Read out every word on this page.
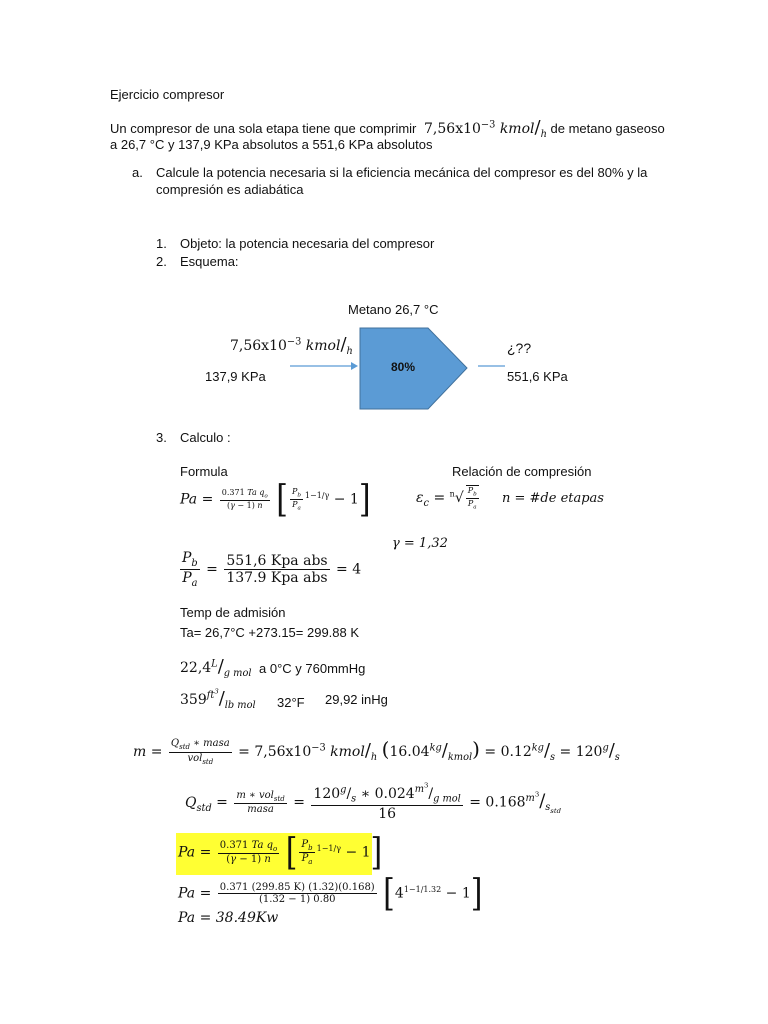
Ejercicio compresor
Un compresor de una sola etapa tiene que comprimir $7,56x10^{-3}$ kmol/$_h$ de metano gaseoso
a 26,7 °C y 137,9 KPa absolutos a 551,6 KPa absolutos
a. Calcule la potencia necesaria si la eficiencia mecánica del compresor es del 80% y la
compresión es adiabática
1. Objeto: la potencia necesaria del compresor
2. Esquema:
Metano 26,7 °C
$7,56x10^{-3}$ kmol/$_h$
137,9 KPa
80%
¿??
551,6 KPa
3. Calculo :
Formula	Relación de compresión
$Pa = \frac{0.371 Ta q_o}{(\gamma - 1) n}$ [ $\frac{P_b}{P_a} ^{1-1/\gamma} - 1$]	$\varepsilon_c = ^n√ \frac{P_b}{P_a}$ n = #de etapas
γ = 1,32
$\frac{P_b}{P_a} = \frac{\text{551,6 Kpa abs}}{\text{137.9 Kpa abs}} = 4$
Temp de admisión
Ta= 26,7°C +273.15= 299.88 K
$22,4^L/_{g mol}$ a 0°C y 760mmHg
$359^{ft^3}/_{lb mol}$ 32°F 29,92 inHg
$m = \frac{Q_{std} ∗ masa}{vol_{std}} = 7,56x10^{-3}$ kmol/$_h$ $(16.04^{kg}/_{kmol}) = 0.12^{kg}/_s = 120^g/_s$
$Q_{std} = \frac{m ∗ vol_{std}}{\text{masa}} = \frac{120^g/_s ∗ 0.024^{m^3}/_{g mol}}{16} = 0.168^{m^3}/_{s_{std}}$
$Pa = \frac{0.371 Ta q_o}{(\gamma - 1) n}$ [ $\frac{P_b}{P_a} ^{1-1/\gamma} - 1$]
$Pa = \frac{0.371 (299.85 K) (1.32)(0.168)}{(1.32 - 1) 0.80} [4^{1-1/1.32} - 1]$
Pa = 38.49Kw
